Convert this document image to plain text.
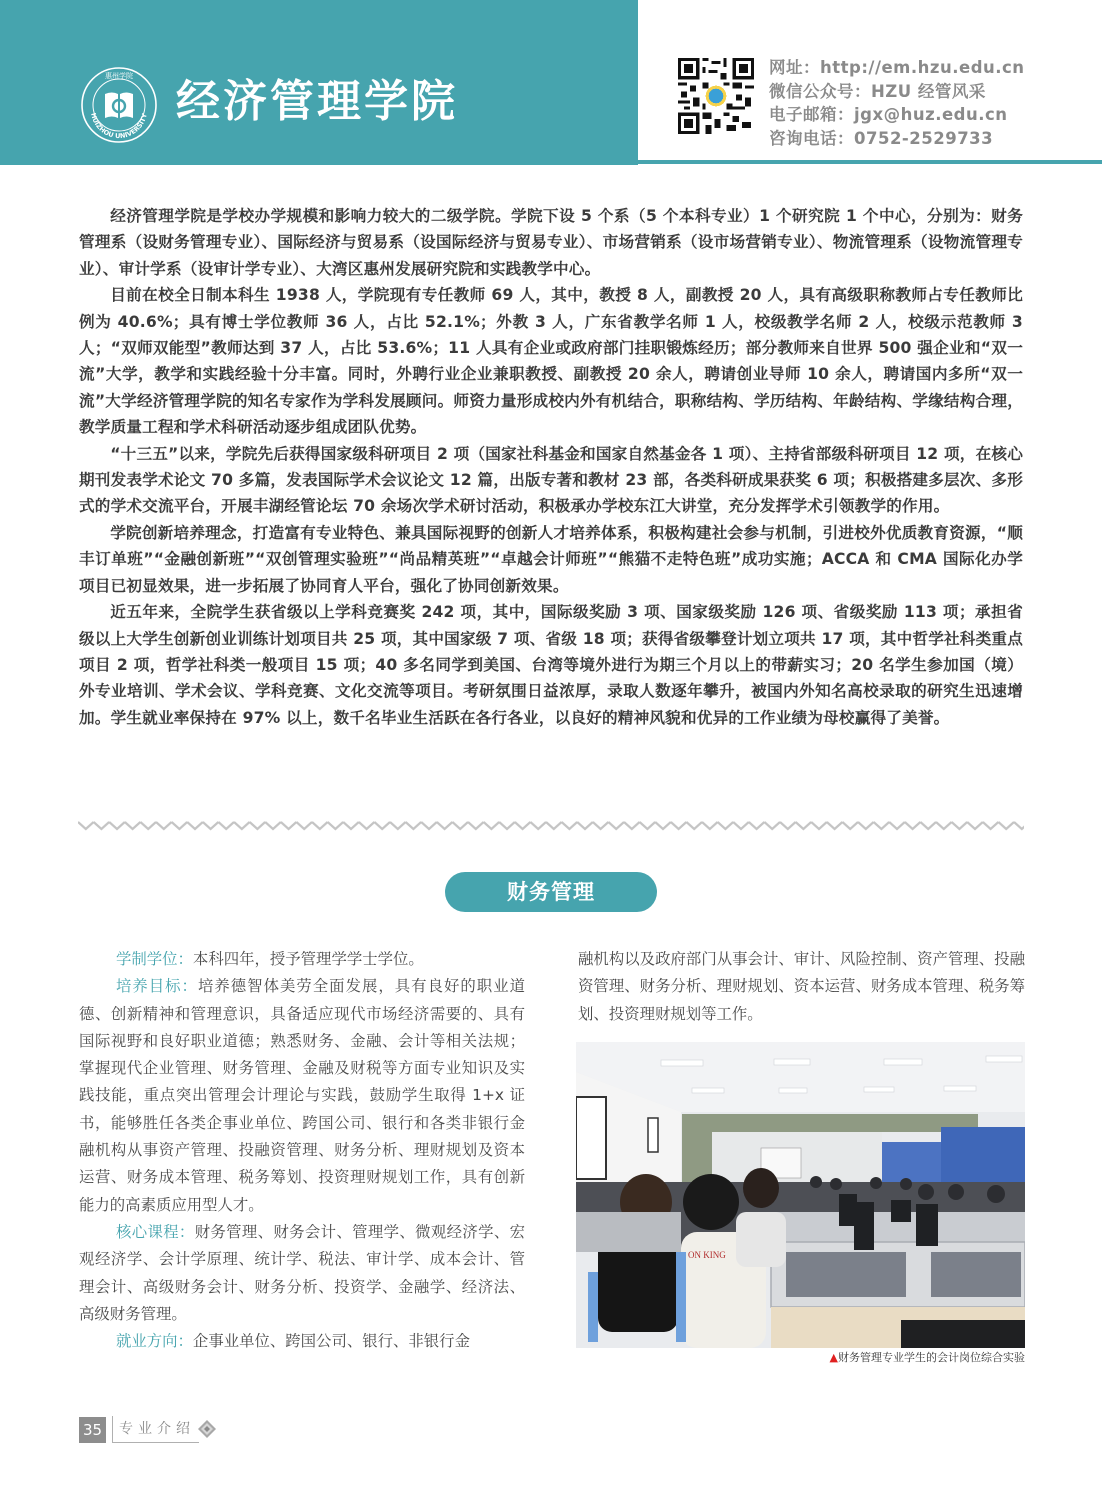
HUIZHOU UNIVERSITY
惠州学院 经济管理学院
网址：http://em.hzu.edu.cn
微信公众号：HZU 经管风采
电子邮箱：jgx@huz.edu.cn
咨询电话：0752-2529733

经济管理学院是学校办学规模和影响力较大的二级学院。学院下设 5 个系（5 个本科专业）1 个研究院 1 个中心，分别为：财务管理系（设财务管理专业）、国际经济与贸易系（设国际经济与贸易专业）、市场营销系（设市场营销专业）、物流管理系（设物流管理专业）、审计学系（设审计学专业）、大湾区惠州发展研究院和实践教学中心。

目前在校全日制本科生 1938 人，学院现有专任教师 69 人，其中，教授 8 人，副教授 20 人，具有高级职称教师占专任教师比例为 40.6%；具有博士学位教师 36 人，占比 52.1%；外教 3 人，广东省教学名师 1 人，校级教学名师 2 人，校级示范教师 3 人；“双师双能型”教师达到 37 人，占比 53.6%；11 人具有企业或政府部门挂职锻炼经历；部分教师来自世界 500 强企业和“双一流”大学，教学和实践经验十分丰富。同时，外聘行业企业兼职教授、副教授 20 余人，聘请创业导师 10 余人，聘请国内多所“双一流”大学经济管理学院的知名专家作为学科发展顾问。师资力量形成校内外有机结合，职称结构、学历结构、年龄结构、学缘结构合理，教学质量工程和学术科研活动逐步组成团队优势。

“十三五”以来，学院先后获得国家级科研项目 2 项（国家社科基金和国家自然基金各 1 项）、主持省部级科研项目 12 项，在核心期刊发表学术论文 70 多篇，发表国际学术会议论文 12 篇，出版专著和教材 23 部，各类科研成果获奖 6 项；积极搭建多层次、多形式的学术交流平台，开展丰湖经管论坛 70 余场次学术研讨活动，积极承办学校东江大讲堂，充分发挥学术引领教学的作用。

学院创新培养理念，打造富有专业特色、兼具国际视野的创新人才培养体系，积极构建社会参与机制，引进校外优质教育资源，“顺丰订单班”“金融创新班”“双创管理实验班”“尚品精英班”“卓越会计师班”“熊猫不走特色班”成功实施；ACCA 和 CMA 国际化办学项目已初显效果，进一步拓展了协同育人平台，强化了协同创新效果。

近五年来，全院学生获省级以上学科竞赛奖 242 项，其中，国际级奖励 3 项、国家级奖励 126 项、省级奖励 113 项；承担省级以上大学生创新创业训练计划项目共 25 项，其中国家级 7 项、省级 18 项；获得省级攀登计划立项共 17 项，其中哲学社科类重点项目 2 项，哲学社科类一般项目 15 项；40 多名同学到美国、台湾等境外进行为期三个月以上的带薪实习；20 名学生参加国（境）外专业培训、学术会议、学科竞赛、文化交流等项目。考研氛围日益浓厚，录取人数逐年攀升，被国内外知名高校录取的研究生迅速增加。学生就业率保持在 97% 以上，数千名毕业生活跃在各行各业，以良好的精神风貌和优异的工作业绩为母校赢得了美誉。

财务管理

学制学位：本科四年，授予管理学学士学位。

培养目标：培养德智体美劳全面发展，具有良好的职业道德、创新精神和管理意识，具备适应现代市场经济需要的、具有国际视野和良好职业道德；熟悉财务、金融、会计等相关法规；掌握现代企业管理、财务管理、金融及财税等方面专业知识及实践技能，重点突出管理会计理论与实践，鼓励学生取得 1+x 证书，能够胜任各类企事业单位、跨国公司、银行和各类非银行金融机构从事资产管理、投融资管理、财务分析、理财规划及资本运营、财务成本管理、税务筹划、投资理财规划工作，具有创新能力的高素质应用型人才。

核心课程：财务管理、财务会计、管理学、微观经济学、宏观经济学、会计学原理、统计学、税法、审计学、成本会计、管理会计、高级财务会计、财务分析、投资学、金融学、经济法、高级财务管理。

就业方向：企事业单位、跨国公司、银行、非银行金

融机构以及政府部门从事会计、审计、风险控制、资产管理、投融资管理、财务分析、理财规划、资本运营、财务成本管理、税务筹划、投资理财规划等工作。
ON KING
▲财务管理专业学生的会计岗位综合实验
35	专业介绍
